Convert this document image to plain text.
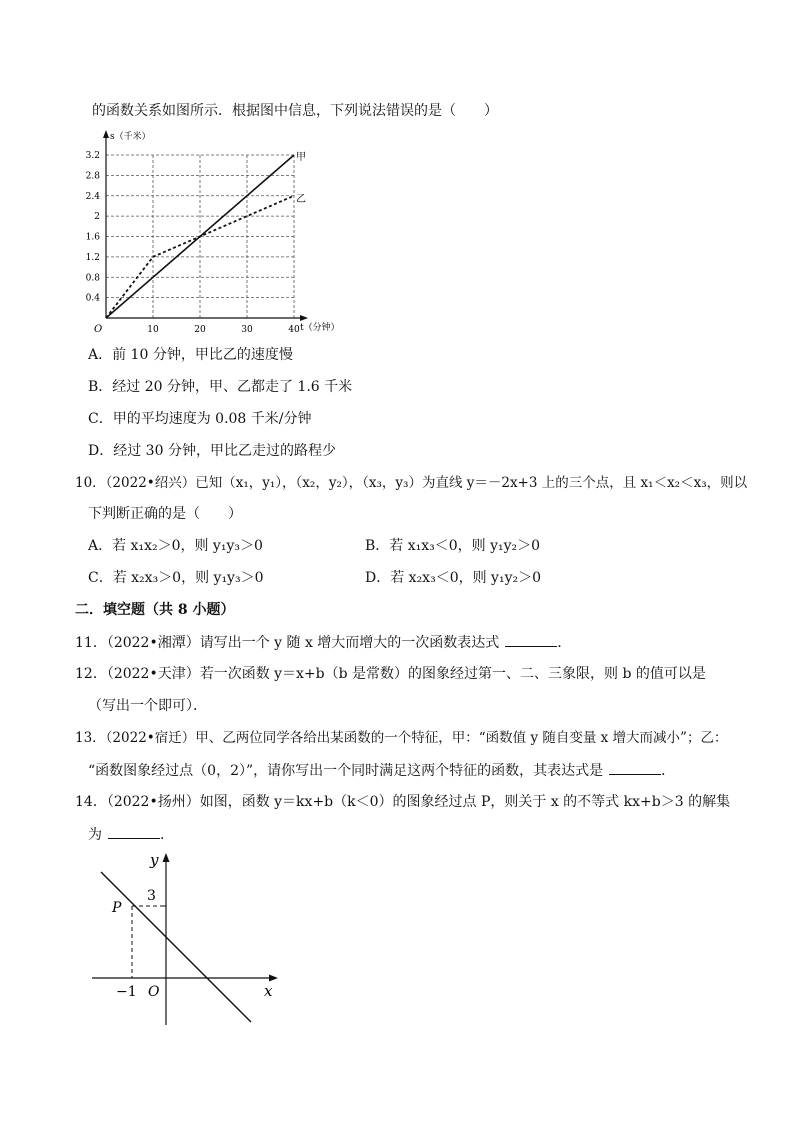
的函数关系如图所示．根据图中信息，下列说法错误的是（　　）
s（千米）
t（分钟）
O
0.4
0.8
1.2
1.6
2
2.4
2.8
3.2
10	20	30	40
甲
乙
A．前 10 分钟，甲比乙的速度慢
B．经过 20 分钟，甲、乙都走了 1.6 千米
C．甲的平均速度为 0.08 千米/分钟
D．经过 30 分钟，甲比乙走过的路程少
10．（2022•绍兴）已知（x₁，y₁），（x₂，y₂），（x₃，y₃）为直线 y＝－2x+3 上的三个点，且 x₁＜x₂＜x₃，则以
下判断正确的是（　　）
A．若 x₁x₂＞0，则 y₁y₃＞0	B．若 x₁x₃＜0，则 y₁y₂＞0
C．若 x₂x₃＞0，则 y₁y₃＞0	D．若 x₂x₃＜0，则 y₁y₂＞0
二．填空题（共 8 小题）
11．（2022•湘潭）请写出一个 y 随 x 增大而增大的一次函数表达式	．
12．（2022•天津）若一次函数 y＝x+b（b 是常数）的图象经过第一、二、三象限，则 b 的值可以是
（写出一个即可）．
13．（2022•宿迁）甲、乙两位同学各给出某函数的一个特征，甲：“函数值 y 随自变量 x 增大而减小”；乙：
“函数图象经过点（0，2）”，请你写出一个同时满足这两个特征的函数，其表达式是	．
14．（2022•扬州）如图，函数 y＝kx+b（k＜0）的图象经过点 P，则关于 x 的不等式 kx+b＞3 的解集
为	．
y
x
O
P
3
−1
